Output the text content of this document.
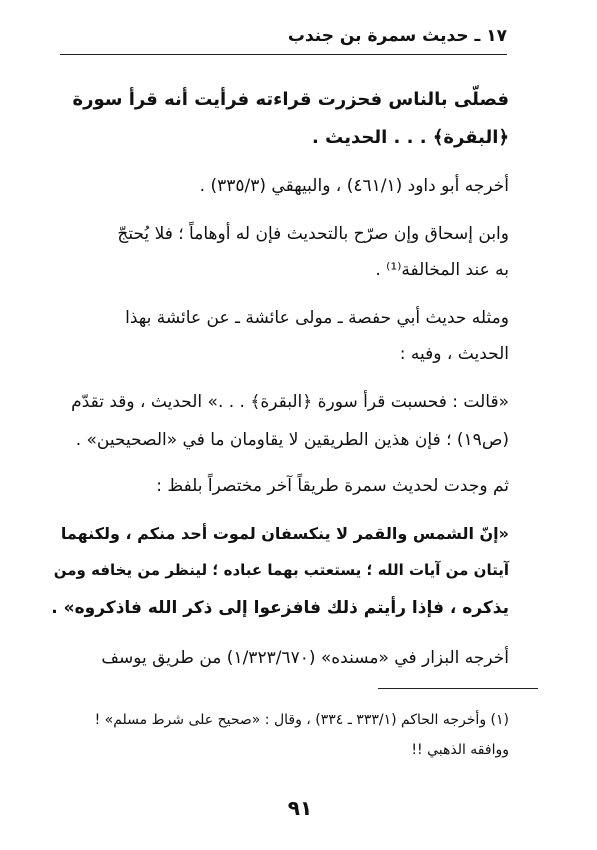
١٧ ـ حديث سمرة بن جندب
فصلّى بالناس فحزرت قراءته فرأيت أنه قرأ سورة
﴿البقرة﴾ . . . الحديث .
أخرجه أبو داود (٤٦١/١) ، والبيهقي (٣٣٥/٣) .
وابن إسحاق وإن صرّح بالتحديث فإن له أوهاماً ؛ فلا يُحتجّ
به عند المخالفة⁽¹⁾ .
ومثله حديث أبي حفصة ـ مولى عائشة ـ عن عائشة بهذا
الحديث ، وفيه :
«قالت : فحسبت قرأ سورة ﴿البقرة﴾ . . .» الحديث ، وقد تقدّم
(ص١٩) ؛ فإن هذين الطريقين لا يقاومان ما في «الصحيحين» .
ثم وجدت لحديث سمرة طريقاً آخر مختصراً بلفظ :
«إنّ الشمس والقمر لا ينكسفان لموت أحد منكم ، ولكنهما
آيتان من آيات الله ؛ يستعتب بهما عباده ؛ لينظر من يخافه ومن
يذكره ، فإذا رأيتم ذلك فافزعوا إلى ذكر الله فاذكروه» .
أخرجه البزار في «مسنده» (١/٣٢٣/٦٧٠) من طريق يوسف
(١) وأخرجه الحاكم (٣٣٣/١ ـ ٣٣٤) ، وقال : «صحيح على شرط مسلم» !
ووافقه الذهبي !!
٩١
